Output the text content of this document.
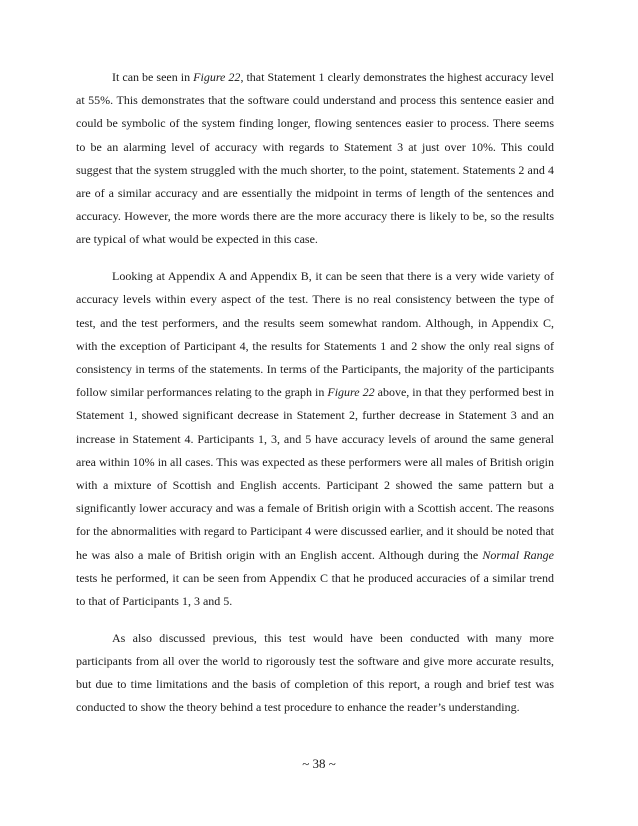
It can be seen in Figure 22, that Statement 1 clearly demonstrates the highest accuracy level at 55%. This demonstrates that the software could understand and process this sentence easier and could be symbolic of the system finding longer, flowing sentences easier to process. There seems to be an alarming level of accuracy with regards to Statement 3 at just over 10%. This could suggest that the system struggled with the much shorter, to the point, statement. Statements 2 and 4 are of a similar accuracy and are essentially the midpoint in terms of length of the sentences and accuracy. However, the more words there are the more accuracy there is likely to be, so the results are typical of what would be expected in this case.

Looking at Appendix A and Appendix B, it can be seen that there is a very wide variety of accuracy levels within every aspect of the test. There is no real consistency between the type of test, and the test performers, and the results seem somewhat random. Although, in Appendix C, with the exception of Participant 4, the results for Statements 1 and 2 show the only real signs of consistency in terms of the statements. In terms of the Participants, the majority of the participants follow similar performances relating to the graph in Figure 22 above, in that they performed best in Statement 1, showed significant decrease in Statement 2, further decrease in Statement 3 and an increase in Statement 4. Participants 1, 3, and 5 have accuracy levels of around the same general area within 10% in all cases. This was expected as these performers were all males of British origin with a mixture of Scottish and English accents. Participant 2 showed the same pattern but a significantly lower accuracy and was a female of British origin with a Scottish accent. The reasons for the abnormalities with regard to Participant 4 were discussed earlier, and it should be noted that he was also a male of British origin with an English accent. Although during the Normal Range tests he performed, it can be seen from Appendix C that he produced accuracies of a similar trend to that of Participants 1, 3 and 5.

As also discussed previous, this test would have been conducted with many more participants from all over the world to rigorously test the software and give more accurate results, but due to time limitations and the basis of completion of this report, a rough and brief test was conducted to show the theory behind a test procedure to enhance the reader’s understanding.

~ 38 ~
